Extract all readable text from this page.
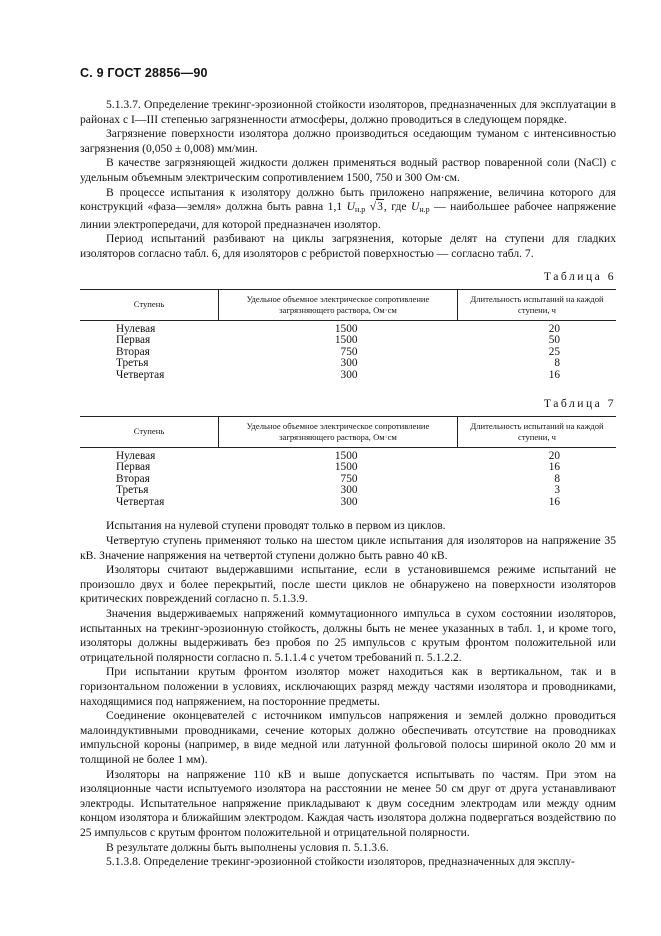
С. 9 ГОСТ 28856—90

5.1.3.7. Определение трекинг-эрозионной стойкости изоляторов, предназначенных для эксплуатации в районах с I—III степенью загрязненности атмосферы, должно проводиться в следующем порядке.

Загрязнение поверхности изолятора должно производиться оседающим туманом с интенсивностью загрязнения (0,050 ± 0,008) мм/мин.

В качестве загрязняющей жидкости должен применяться водный раствор поваренной соли (NaCl) с удельным объемным электрическим сопротивлением 1500, 750 и 300 Ом·см.

В процессе испытания к изолятору должно быть приложено напряжение, величина которого для конструкций «фаза—земля» должна быть равна 1,1 $U_{н.р}$ √3, где $U_{н.р}$ — наибольшее рабочее напряжение линии электропередачи, для которой предназначен изолятор.

Период испытаний разбивают на циклы загрязнения, которые делят на ступени для гладких изоляторов согласно табл. 6, для изоляторов с ребристой поверхностью — согласно табл. 7.

Таблица 6
Ступень	Удельное объемное электрическое сопротивление загрязняющего раствора, Ом·см	Длительность испытаний на каждой ступени, ч
Нулевая	1500	20
Первая	1500	50
Вторая	750	25
Третья	300	8
Четвертая	300	16
Таблица 7
Ступень	Удельное объемное электрическое сопротивление загрязняющего раствора, Ом·см	Длительность испытаний на каждой ступени, ч
Нулевая	1500	20
Первая	1500	16
Вторая	750	8
Третья	300	3
Четвертая	300	16

Испытания на нулевой ступени проводят только в первом из циклов.

Четвертую ступень применяют только на шестом цикле испытания для изоляторов на напряжение 35 кВ. Значение напряжения на четвертой ступени должно быть равно 40 кВ.

Изоляторы считают выдержавшими испытание, если в установившемся режиме испытаний не произошло двух и более перекрытий, после шести циклов не обнаружено на поверхности изоляторов критических повреждений согласно п. 5.1.3.9.

Значения выдерживаемых напряжений коммутационного импульса в сухом состоянии изоляторов, испытанных на трекинг-эрозионную стойкость, должны быть не менее указанных в табл. 1, и кроме того, изоляторы должны выдерживать без пробоя по 25 импульсов с крутым фронтом положительной или отрицательной полярности согласно п. 5.1.1.4 с учетом требований п. 5.1.2.2.

При испытании крутым фронтом изолятор может находиться как в вертикальном, так и в горизонтальном положении в условиях, исключающих разряд между частями изолятора и проводниками, находящимися под напряжением, на посторонние предметы.

Соединение оконцевателей с источником импульсов напряжения и землей должно проводиться малоиндуктивными проводниками, сечение которых должно обеспечивать отсутствие на проводниках импульсной короны (например, в виде медной или латунной фольговой полосы шириной около 20 мм и толщиной не более 1 мм).

Изоляторы на напряжение 110 кВ и выше допускается испытывать по частям. При этом на изоляционные части испытуемого изолятора на расстоянии не менее 50 см друг от друга устанавливают электроды. Испытательное напряжение прикладывают к двум соседним электродам или между одним концом изолятора и ближайшим электродом. Каждая часть изолятора должна подвергаться воздействию по 25 импульсов с крутым фронтом положительной и отрицательной полярности.

В результате должны быть выполнены условия п. 5.1.3.6.

5.1.3.8. Определение трекинг-эрозионной стойкости изоляторов, предназначенных для эксплу-
